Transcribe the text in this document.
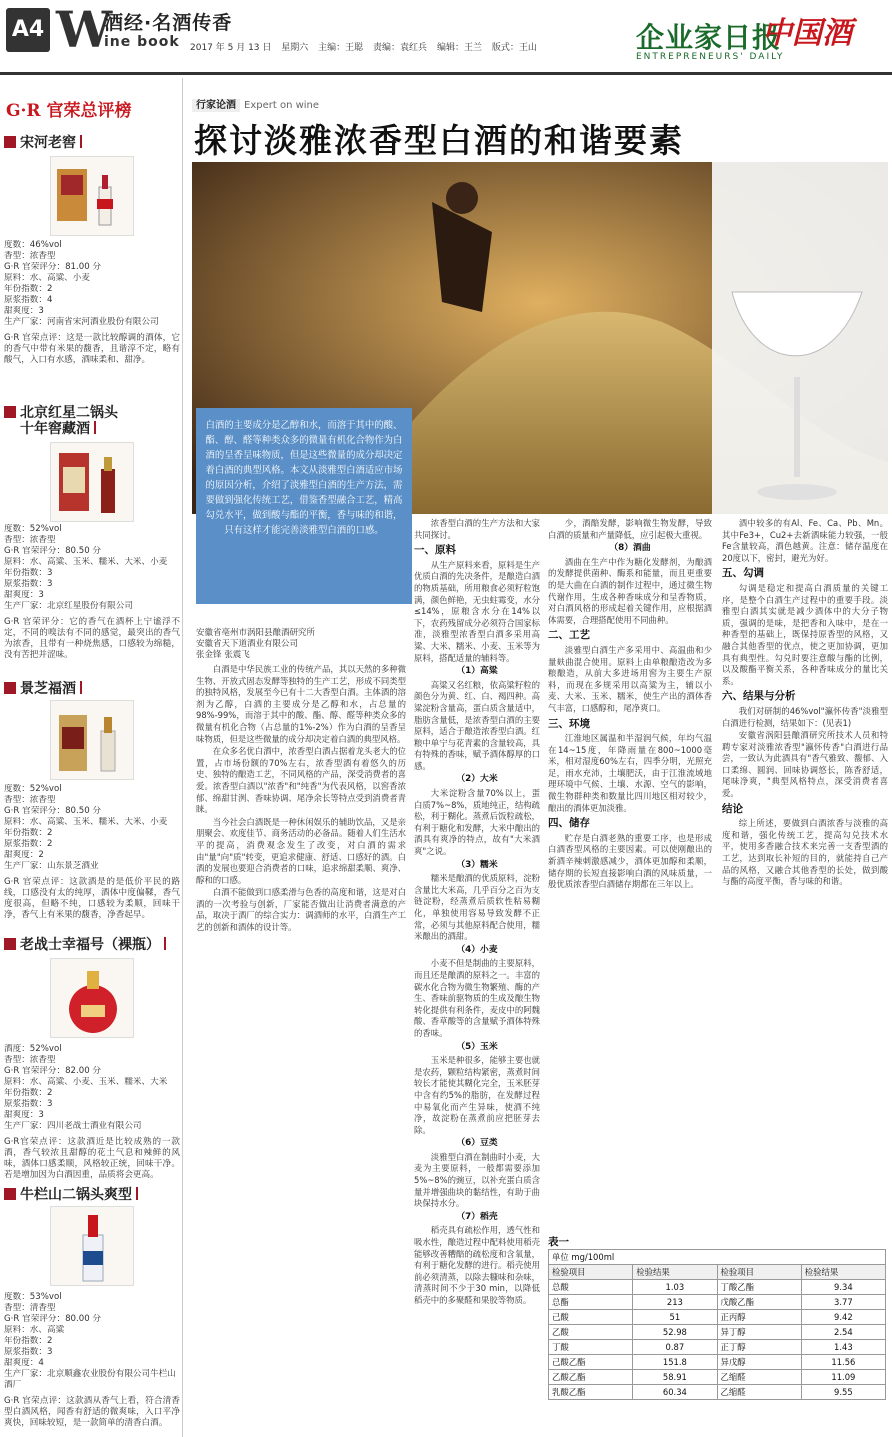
A4 W
酒经·名酒传香
ine book 2017 年 5 月 13 日 星期六 主编：王聪 责编：袁红兵 编辑：王兰 版式：王山	企业家日报
ENTREPRENEURS' DAILY
中国酒
G·R 官荣总评榜
宋河老窖
度数：46%vol
香型：浓香型
G·R 官荣评分：81.00 分
原料：水、高粱、小麦
年份指数：2
原浆指数：4
甜爽度：3
生产厂家：河南省宋河酒业股份有限公司
G·R 官荣点评：这是一款比较醇调的酒体，它的香气中带有米果的馥香，且谐淳不定，略有酸气，入口有水感，酒味柔和、甜净。
北京红星二锅头
十年窖藏酒
度数：52%vol
香型：浓香型
G·R 官荣评分：80.50 分
原料：水、高粱、玉米、糯米、大米、小麦
年份指数：3
原浆指数：3
甜爽度：3
生产厂家：北京红星股份有限公司
G·R 官荣评分：它的香气在酒杯上宁谧浮不定，不同的嗅法有不同的感觉，最突出的香气为浓香，且带有一种烧焦感，口感较为绵糙，没有苦把并涩味。
景芝福酒
度数：52%vol
香型：浓香型
G·R 官荣评分：80.50 分
原料：水、高粱、玉米、糯米、大米、小麦
年份指数：2
原浆指数：2
甜爽度：2
生产厂家：山东景芝酒业
G·R 官荣点评：这款酒是的是低价平民的路线，口感没有太的纯厚，酒体中度偏鞣，香气度很高，但略不纯，口感较为柔顺，回味干净，香气上有米果的馥香，净香起早。
老战士幸福号（裸瓶）
酒度：52%vol
香型：浓香型
G·R 官荣评分：82.00 分
原料：水、高粱、小麦、玉米、糯米、大米
年份指数：2
原浆指数：3
甜爽度：3
生产厂家：四川老战士酒业有限公司
G·R官荣点评：这款酒近是比较成熟的一款酒，香气较浓且甜醇的花土气息和辣鲜的风味，酒体口感柔顺，风格较正统，回味干净。若是增加因为白酒因重，品质将会更高。
牛栏山二锅头爽型
度数：53%vol
香型：清香型
G·R 官荣评分：80.00 分
原料：水、高粱
年份指数：2
原浆指数：3
甜爽度：4
生产厂家：北京顺鑫农业股份有限公司牛栏山酒厂
G·R 官荣点评：这款酒从香气上看，符合清香型白酒风格，闻香有舒适的微爽味，入口平净爽快，回味较短，是一款简单的清香白酒。
行家论酒 Expert on wine
探讨淡雅浓香型白酒的和谐要素
白酒的主要成分是乙醇和水，而溶于其中的酸、酯、醇、醛等种类众多的微量有机化合物作为白酒的呈香呈味物质，但是这些微量的成分却决定着白酒的典型风格。本文从淡雅型白酒适应市场的原因分析，介绍了淡雅型白酒的生产方法，需要做到强化传统工艺，借鉴香型融合工艺，精高勾兑水平，做到酸与酯的平衡，香与味的和谐，只有这样才能完善淡雅型白酒的口感。
安徽省亳州市涡阳县酿酒研究所
安徽省天下道酒业有限公司
张金锋 张震飞

白酒是中华民族工业的传统产品，其以天然的多种微生物、开放式固态发酵等独特的生产工艺，形成不同类型的独特风格，发展至今已有十二大香型白酒。主体酒的溶剂为乙醇，白酒的主要成分是乙醇和水，占总量的98%-99%，而溶于其中的酸、酯、醇、醛等种类众多的微量有机化合物（占总量的1%-2%）作为白酒的呈香呈味物质，但是这些微量的成分却决定着白酒的典型风格。

在众多名优白酒中，浓香型白酒占据着龙头老大的位置，占市场份额的70%左右，浓香型酒有着悠久的历史、独特的酿造工艺，不同风格的产品，深受消费者的喜爱。浓香型白酒以"浓香"和"纯香"为代表风格，以窖香浓郁、绵甜甘洌、香味协调、尾净余长等特点受到消费者青睐。

当今社会白酒既是一种休闲娱乐的辅助饮品，又是亲朋聚会、欢度佳节、商务活动的必备品。随着人们生活水平的提高，消费观念发生了改变，对白酒的需求由"量"向"质"转变，更追求健康、舒适、口感好的酒。白酒的发展也要迎合消费者的口味，追求绵甜柔顺、爽净、醇和的口感。

白酒不能做到口感柔滑与色香的高度和谐，这是对白酒的一次考验与创新，厂家能否做出让消费者满意的产品，取决于酒厂的综合实力：调酒师的水平，白酒生产工艺的创新和酒体的设计等。

浓香型白酒的生产方法和大家共同探讨。

一、原料

从生产原料来看，原料是生产优质白酒的先决条件，是酿造白酒的物质基础，所用粮食必须籽粒饱满，颜色鲜艳，无虫蛀霉变，水分≤14%，原粮含水分在14%以下，农药残留成分必须符合国家标准，淡雅型浓香型白酒多采用高粱、大米、糯米、小麦、玉米等为原料，搭配适量的辅料等。

（1）高粱

高粱又名红粮，依高粱籽粒的颜色分为黄、红、白、褐四种。高粱淀粉含量高，蛋白质含量适中，脂肪含量低，是浓香型白酒的主要原料，适合于酿造浓香型白酒。红粮中单宁与花青素的含量较高，具有特殊的香味，赋予酒体醇厚的口感。

（2）大米

大米淀粉含量70%以上，蛋白质7%~8%，质地纯正，结构疏松，利于糊化。蒸煮后饭粒疏松，有利于糖化和发酵，大米中酿出的酒具有爽净的特点，故有"大米酒爽"之说。

（3）糯米

糯米是酿酒的优质原料，淀粉含量比大米高，几乎百分之百为支链淀粉，经蒸煮后质软性粘易糊化，单独使用容易导致发酵不正常，必须与其他原料配合使用，糯米酿出的酒甜。

（4）小麦

小麦不但是制曲的主要原料，而且还是酿酒的原料之一。丰富的碳水化合物为微生物繁殖、酶的产生、香味前驱物质的生成及酿生物转化提供有利条件，麦皮中的阿魏酸、香草酸等的含量赋予酒体特殊的香味。

（5）玉米

玉米是种很多，能够主要也就是农药，颗粒结构紧密，蒸煮时间较长才能使其糊化完全，玉米胚芽中含有约5%的脂肪，在发酵过程中易氧化而产生异味，使酒不纯净，故淀粉在蒸煮前应把胚芽去除。

（6）豆类

淡雅型白酒在制曲时小麦，大麦为主要原料，一般都需要添加5%~8%的豌豆，以补充蛋白质含量并增强曲块的黏结性，有助于曲块保持水分。

（7）稻壳

稻壳具有疏松作用，透气性和吸水性，酿造过程中配料使用稻壳能够改善糟醅的疏松度和含氧量，有利于糖化发酵的进行。稻壳使用前必须清蒸，以除去糠味和杂味，清蒸时间不少于30 min，以降低稻壳中的多聚醛和果胶等物质。

少，酒醅发酵，影响微生物发酵，导致白酒的质量和产量降低，应引起极大重视。

（8）酒曲

酒曲在生产中作为糖化发酵剂，为酿酒的发酵提供菌种、酶系和能量，而且更重要的是大曲在白酒的制作过程中，通过微生物代谢作用，生成各种香味成分和呈香物质，对白酒风格的形成起着关键作用，应根据酒体需要，合理搭配使用不同曲种。

二、工艺

淡雅型白酒生产多采用中、高温曲和少量麸曲混合使用。原料上由单粮酿造改为多粮酿造，从前大多进场用窖为主要生产原料，而现在多规采用以高粱为主，辅以小麦、大米、玉米、糯米，使生产出的酒体香气丰富，口感醇和，尾净爽口。

三、环境

江淮地区属温和半湿润气候，年均气温在14~15度，年降雨量在800~1000毫米，相对湿度60%左右，四季分明，光照充足，雨水充沛，土壤肥沃，由于江淮流域地理环境中气候、土壤、水源、空气的影响，微生物群种类和数量比四川地区相对较少，酿出的酒体更加淡雅。

四、储存

贮存是白酒老熟的重要工序，也是形成白酒香型风格的主要因素。可以使刚酿出的新酒辛辣刺激感减少，酒体更加醇和柔顺，储存期的长短直接影响白酒的风味质量，一般优质浓香型白酒储存期都在三年以上。

酒中较多的有Al、Fe、Ca、Pb、Mn。其中Fe3+，Cu2+去新酒味能力较强，一般Fe含量较高，酒色越黄。注意：储存温度在20度以下，密封，避光为好。

五、勾调

勾调是稳定和提高白酒质量的关键工序，是整个白酒生产过程中的重要手段。淡雅型白酒其实就是减少酒体中的大分子物质，强调的是味，是把香和入味中，是在一种香型的基础上，既保持原香型的风格，又融合其他香型的优点，使之更加协调，更加具有典型性。勾兑时要注意酸与酯的比例，以及酸酯平衡关系，各种香味成分的量比关系。

六、结果与分析

我们对研制的46%vol"瀛怀传香"淡雅型白酒进行检测，结果如下：(见表1)

安徽省涡阳县酿酒研究所技术人员和特聘专家对淡雅浓香型"瀛怀传香"白酒进行品尝，一致认为此酒具有"香气雅致、馥郁、入口柔绵、圆润、回味协调悠长，陈香舒适，尾味净爽，"典型风格特点，深受消费者喜爱。

结论

综上所述，要做到白酒浓香与淡雅的高度和谐，强化传统工艺，提高勾兑技术水平，使用多香融合技术来完善一支香型酒的工艺，达到取长补短的目的，就能持自己产品的风格，又融合其他香型的长处，做到酸与酯的高度平衡，香与味的和谐。

表一
单位 mg/100ml			
检验项目	检验结果	检验项目	检验结果
总酸	1.03	丁酸乙酯	9.34
总酯	213	戊酸乙酯	3.77
己酸	51	正丙醇	9.42
乙酸	52.98	异丁醇	2.54
丁酸	0.87	正丁醇	1.43
己酸乙酯	151.8	异戊醇	11.56
乙酸乙酯	58.91	乙缩醛	11.09
乳酸乙酯	60.34	乙缩醛	9.55
